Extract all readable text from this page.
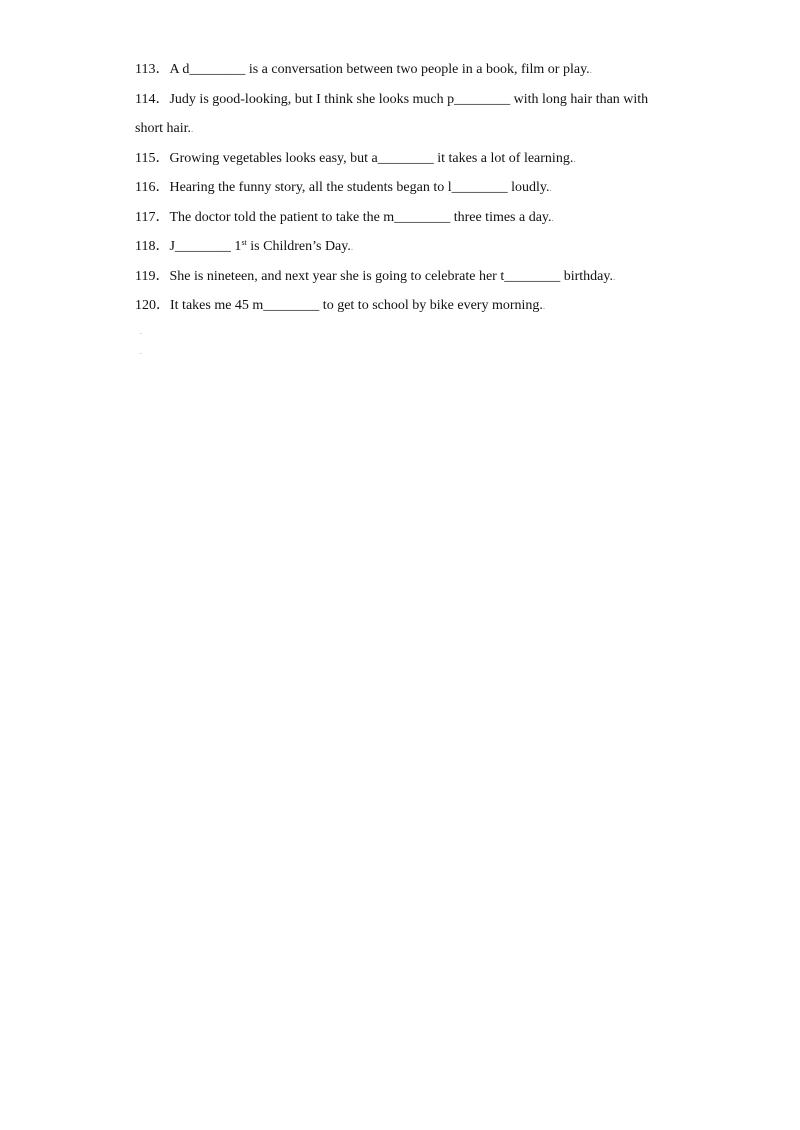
113．A d________ is a conversation between two people in a book, film or play..
114．Judy is good-looking, but I think she looks much p________ with long hair than with
short hair..
115．Growing vegetables looks easy, but a________ it takes a lot of learning..
116．Hearing the funny story, all the students began to l________ loudly..
117．The doctor told the patient to take the m________ three times a day..
118．J________ 1st is Children’s Day..
119．She is nineteen, and next year she is going to celebrate her t________ birthday..
120．It takes me 45 m________ to get to school by bike every morning..
.
.
